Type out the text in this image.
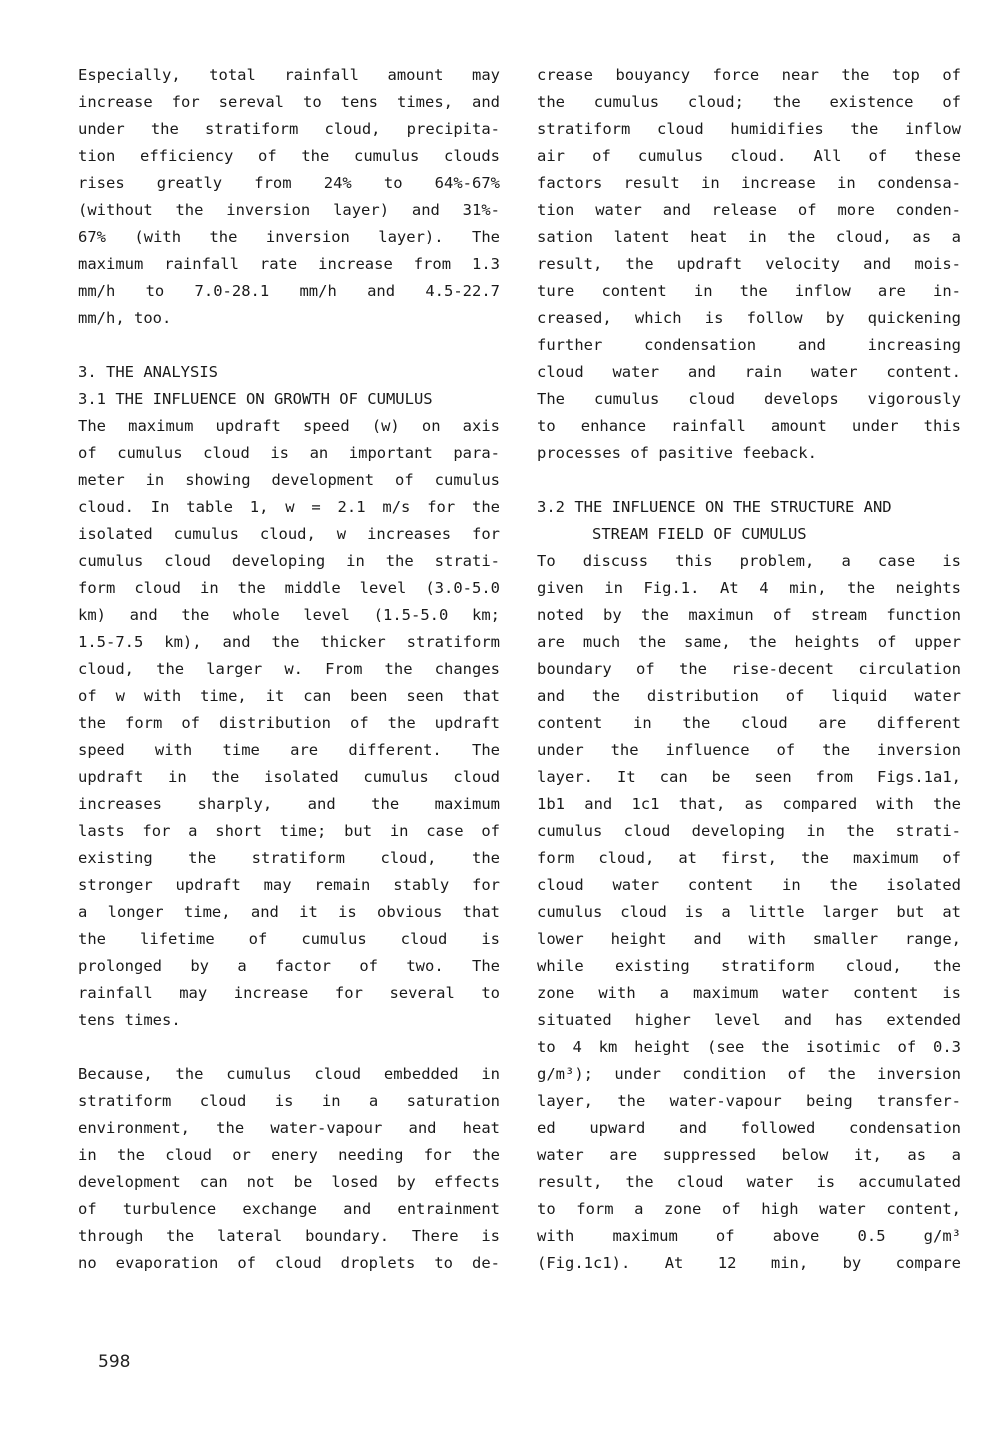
Especially, total rainfall amount may
increase for sereval to tens times, and
under the stratiform cloud, precipita-
tion efficiency of the cumulus clouds
rises greatly from 24% to 64%-67%
(without the inversion layer) and 31%-
67% (with the inversion layer). The
maximum rainfall rate increase from 1.3
mm/h to 7.0-28.1 mm/h and 4.5-22.7
mm/h, too.
3. THE ANALYSIS
3.1 THE INFLUENCE ON GROWTH OF CUMULUS
The maximum updraft speed (w) on axis
of cumulus cloud is an important para-
meter in showing development of cumulus
cloud. In table 1, w = 2.1 m/s for the
isolated cumulus cloud, w increases for
cumulus cloud developing in the strati-
form cloud in the middle level (3.0-5.0
km) and the whole level (1.5-5.0 km;
1.5-7.5 km), and the thicker stratiform
cloud, the larger w. From the changes
of w with time, it can been seen that
the form of distribution of the updraft
speed with time are different. The
updraft in the isolated cumulus cloud
increases sharply, and the maximum
lasts for a short time; but in case of
existing the stratiform cloud, the
stronger updraft may remain stably for
a longer time, and it is obvious that
the lifetime of cumulus cloud is
prolonged by a factor of two. The
rainfall may increase for several to
tens times.
Because, the cumulus cloud embedded in
stratiform cloud is in a saturation
environment, the water-vapour and heat
in the cloud or enery needing for the
development can not be losed by effects
of turbulence exchange and entrainment
through the lateral boundary. There is
no evaporation of cloud droplets to de-
crease bouyancy force near the top of
the cumulus cloud; the existence of
stratiform cloud humidifies the inflow
air of cumulus cloud. All of these
factors result in increase in condensa-
tion water and release of more conden-
sation latent heat in the cloud, as a
result, the updraft velocity and mois-
ture content in the inflow are in-
creased, which is follow by quickening
further condensation and increasing
cloud water and rain water content.
The cumulus cloud develops vigorously
to enhance rainfall amount under this
processes of pasitive feeback.
3.2 THE INFLUENCE ON THE STRUCTURE AND
STREAM FIELD OF CUMULUS
To discuss this problem, a case is
given in Fig.1. At 4 min, the neights
noted by the maximun of stream function
are much the same, the heights of upper
boundary of the rise-decent circulation
and the distribution of liquid water
content in the cloud are different
under the influence of the inversion
layer. It can be seen from Figs.1a1,
1b1 and 1c1 that, as compared with the
cumulus cloud developing in the strati-
form cloud, at first, the maximum of
cloud water content in the isolated
cumulus cloud is a little larger but at
lower height and with smaller range,
while existing stratiform cloud, the
zone with a maximum water content is
situated higher level and has extended
to 4 km height (see the isotimic of 0.3
g/m³); under condition of the inversion
layer, the water-vapour being transfer-
ed upward and followed condensation
water are suppressed below it, as a
result, the cloud water is accumulated
to form a zone of high water content,
with maximum of above 0.5 g/m³
(Fig.1c1). At 12 min, by compare
598
